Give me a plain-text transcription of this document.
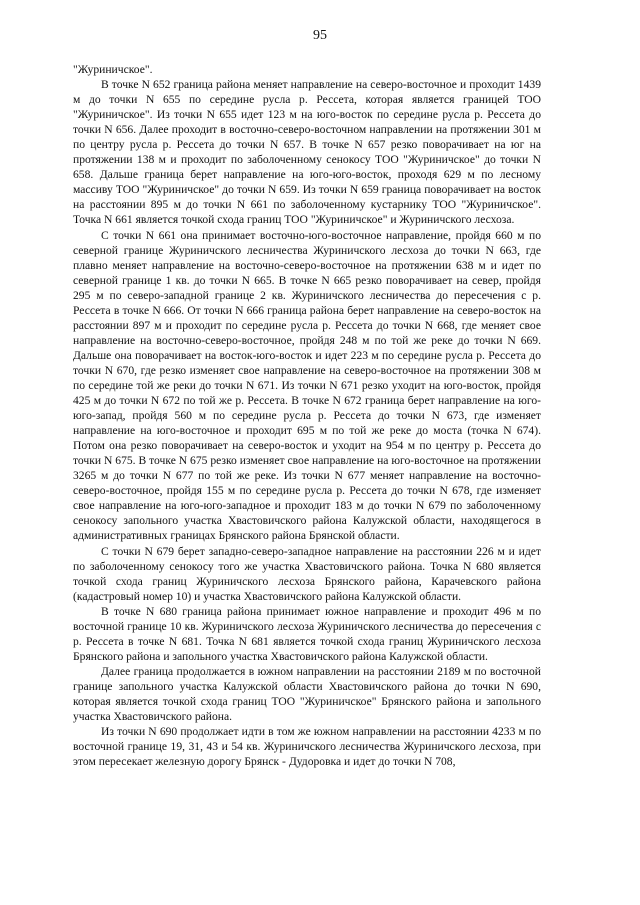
95

"Журиничское".

В точке N 652 граница района меняет направление на северо-восточное и проходит 1439 м до точки N 655 по середине русла р. Рессета, которая является границей ТОО "Журиничское". Из точки N 655 идет 123 м на юго-восток по середине русла р. Рессета до точки N 656. Далее проходит в восточно-северо-восточном направлении на протяжении 301 м по центру русла р. Рессета до точки N 657. В точке N 657 резко поворачивает на юг на протяжении 138 м и проходит по заболоченному сенокосу ТОО "Журиничское" до точки N 658. Дальше граница берет направление на юго-юго-восток, проходя 629 м по лесному массиву ТОО "Журиничское" до точки N 659. Из точки N 659 граница поворачивает на восток на расстоянии 895 м до точки N 661 по заболоченному кустарнику ТОО "Журиничское". Точка N 661 является точкой схода границ ТОО "Журиничское" и Журиничского лесхоза.

С точки N 661 она принимает восточно-юго-восточное направление, пройдя 660 м по северной границе Журиничского лесничества Журиничского лесхоза до точки N 663, где плавно меняет направление на восточно-северо-восточное на протяжении 638 м и идет по северной границе 1 кв. до точки N 665. В точке N 665 резко поворачивает на север, пройдя 295 м по северо-западной границе 2 кв. Журиничского лесничества до пересечения с р. Рессета в точке N 666. От точки N 666 граница района берет направление на северо-восток на расстоянии 897 м и проходит по середине русла р. Рессета до точки N 668, где меняет свое направление на восточно-северо-восточное, пройдя 248 м по той же реке до точки N 669. Дальше она поворачивает на восток-юго-восток и идет 223 м по середине русла р. Рессета до точки N 670, где резко изменяет свое направление на северо-восточное на протяжении 308 м по середине той же реки до точки N 671. Из точки N 671 резко уходит на юго-восток, пройдя 425 м до точки N 672 по той же р. Рессета. В точке N 672 граница берет направление на юго-юго-запад, пройдя 560 м по середине русла р. Рессета до точки N 673, где изменяет направление на юго-восточное и проходит 695 м по той же реке до моста (точка N 674). Потом она резко поворачивает на северо-восток и уходит на 954 м по центру р. Рессета до точки N 675. В точке N 675 резко изменяет свое направление на юго-восточное на протяжении 3265 м до точки N 677 по той же реке. Из точки N 677 меняет направление на восточно-северо-восточное, пройдя 155 м по середине русла р. Рессета до точки N 678, где изменяет свое направление на юго-юго-западное и проходит 183 м до точки N 679 по заболоченному сенокосу запольного участка Хвастовичского района Калужской области, находящегося в административных границах Брянского района Брянской области.

С точки N 679 берет западно-северо-западное направление на расстоянии 226 м и идет по заболоченному сенокосу того же участка Хвастовичского района. Точка N 680 является точкой схода границ Журиничского лесхоза Брянского района, Карачевского района (кадастровый номер 10) и участка Хвастовичского района Калужской области.

В точке N 680 граница района принимает южное направление и проходит 496 м по восточной границе 10 кв. Журиничского лесхоза Журиничского лесничества до пересечения с р. Рессета в точке N 681. Точка N 681 является точкой схода границ Журиничского лесхоза Брянского района и запольного участка Хвастовичского района Калужской области.

Далее граница продолжается в южном направлении на расстоянии 2189 м по восточной границе запольного участка Калужской области Хвастовичского района до точки N 690, которая является точкой схода границ ТОО "Журиничское" Брянского района и запольного участка Хвастовичского района.

Из точки N 690 продолжает идти в том же южном направлении на расстоянии 4233 м по восточной границе 19, 31, 43 и 54 кв. Журиничского лесничества Журиничского лесхоза, при этом пересекает железную дорогу Брянск - Дудоровка и идет до точки N 708,
